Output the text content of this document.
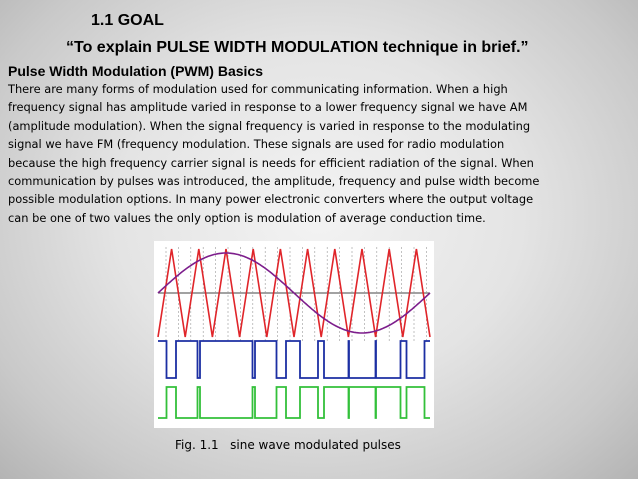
1.1 GOAL
“To explain PULSE WIDTH MODULATION technique in brief.”
Pulse Width Modulation (PWM) Basics
There are many forms of modulation used for communicating information. When a high
frequency signal has amplitude varied in response to a lower frequency signal we have AM
(amplitude modulation). When the signal frequency is varied in response to the modulating
signal we have FM (frequency modulation. These signals are used for radio modulation
because the high frequency carrier signal is needs for efficient radiation of the signal. When
communication by pulses was introduced, the amplitude, frequency and pulse width become
possible modulation options. In many power electronic converters where the output voltage
can be one of two values the only option is modulation of average conduction time.
Fig. 1.1   sine wave modulated pulses
